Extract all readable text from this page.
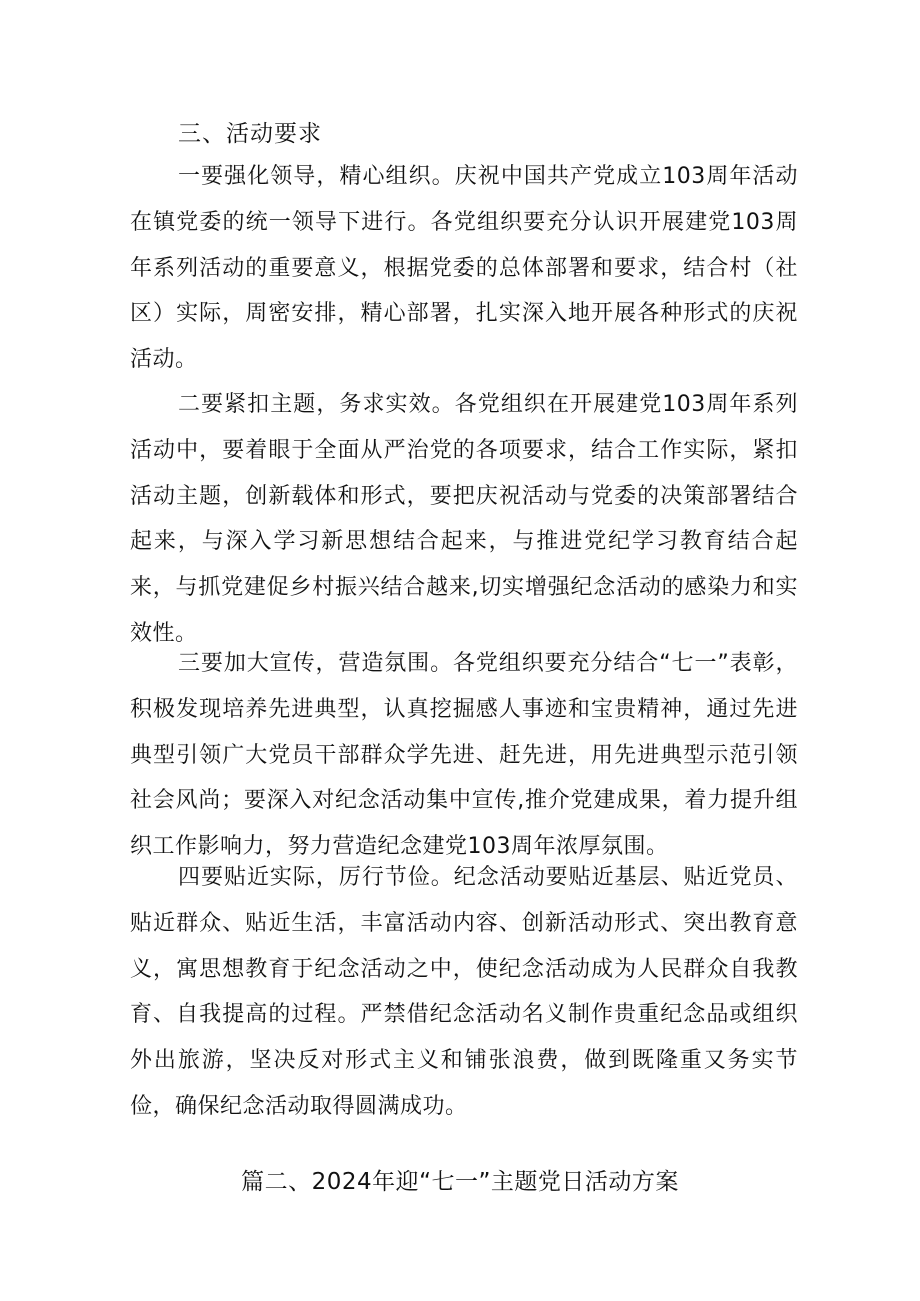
三、活动要求

一要强化领导，精心组织。庆祝中国共产党成立103周年活动在镇党委的统一领导下进行。各党组织要充分认识开展建党103周年系列活动的重要意义，根据党委的总体部署和要求，结合村（社区）实际，周密安排，精心部署，扎实深入地开展各种形式的庆祝活动。

二要紧扣主题，务求实效。各党组织在开展建党103周年系列活动中，要着眼于全面从严治党的各项要求，结合工作实际，紧扣活动主题，创新载体和形式，要把庆祝活动与党委的决策部署结合起来，与深入学习新思想结合起来，与推进党纪学习教育结合起来，与抓党建促乡村振兴结合越来,切实增强纪念活动的感染力和实效性。

三要加大宣传，营造氛围。各党组织要充分结合“七一”表彰，积极发现培养先进典型，认真挖掘感人事迹和宝贵精神，通过先进典型引领广大党员干部群众学先进、赶先进，用先进典型示范引领社会风尚；要深入对纪念活动集中宣传,推介党建成果，着力提升组织工作影响力，努力营造纪念建党103周年浓厚氛围。

四要贴近实际，厉行节俭。纪念活动要贴近基层、贴近党员、贴近群众、贴近生活，丰富活动内容、创新活动形式、突出教育意义，寓思想教育于纪念活动之中，使纪念活动成为人民群众自我教育、自我提高的过程。严禁借纪念活动名义制作贵重纪念品或组织外出旅游，坚决反对形式主义和铺张浪费，做到既隆重又务实节俭，确保纪念活动取得圆满成功。

篇二、2024年迎“七一”主题党日活动方案
